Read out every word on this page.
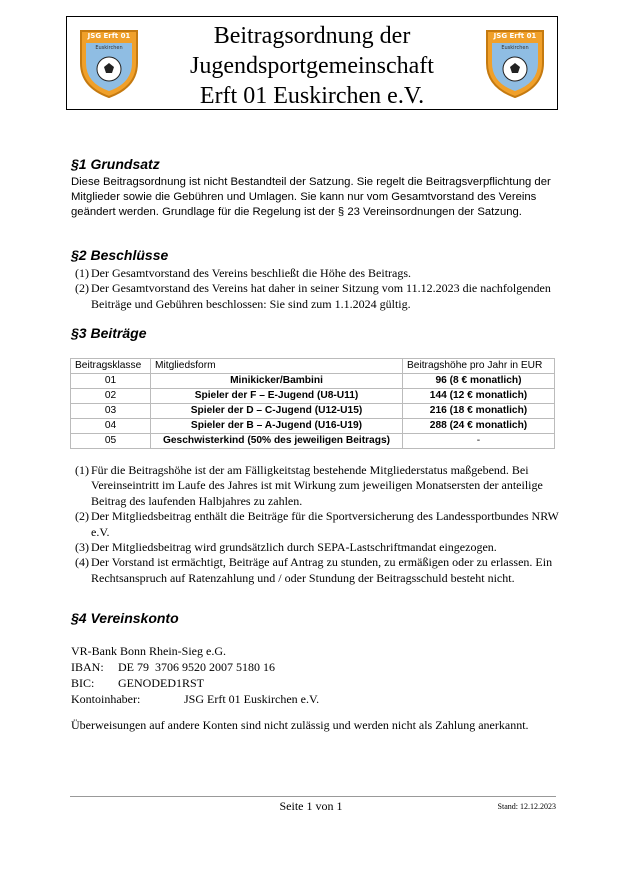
JSG Erft 01
Euskirchen	Beitragsordnung der
Jugendsportgemeinschaft
Erft 01 Euskirchen e.V.
JSG Erft 01
Euskirchen
§1 Grundsatz
Diese Beitragsordnung ist nicht Bestandteil der Satzung. Sie regelt die Beitragsverpflichtung der Mitglieder sowie die Gebühren und Umlagen. Sie kann nur vom Gesamtvorstand des Vereins geändert werden. Grundlage für die Regelung ist der § 23 Vereinsordnungen der Satzung.
§2 Beschlüsse
(1) Der Gesamtvorstand des Vereins beschließt die Höhe des Beitrags.
(2) Der Gesamtvorstand des Vereins hat daher in seiner Sitzung vom 11.12.2023 die nachfolgenden Beiträge und Gebühren beschlossen: Sie sind zum 1.1.2024 gültig.
§3 Beiträge
Beitragsklasse	Mitgliedsform	Beitragshöhe pro Jahr in EUR
01	Minikicker/Bambini	96 (8 € monatlich)
02	Spieler der F – E-Jugend (U8-U11)	144 (12 € monatlich)
03	Spieler der D – C-Jugend (U12-U15)	216 (18 € monatlich)
04	Spieler der B – A-Jugend (U16-U19)	288 (24 € monatlich)
05	Geschwisterkind (50% des jeweiligen Beitrags)	-
(1) Für die Beitragshöhe ist der am Fälligkeitstag bestehende Mitgliederstatus maßgebend. Bei Vereinseintritt im Laufe des Jahres ist mit Wirkung zum jeweiligen Monatsersten der anteilige Beitrag des laufenden Halbjahres zu zahlen.
(2) Der Mitgliedsbeitrag enthält die Beiträge für die Sportversicherung des Landessportbundes NRW e.V.
(3) Der Mitgliedsbeitrag wird grundsätzlich durch SEPA-Lastschriftmandat eingezogen.
(4) Der Vorstand ist ermächtigt, Beiträge auf Antrag zu stunden, zu ermäßigen oder zu erlassen. Ein Rechtsanspruch auf Ratenzahlung und / oder Stundung der Beitragsschuld besteht nicht.
§4 Vereinskonto
VR-Bank Bonn Rhein-Sieg e.G.
IBAN: DE 79  3706 9520 2007 5180 16
BIC: GENODED1RST
Kontoinhaber:	JSG Erft 01 Euskirchen e.V.
Überweisungen auf andere Konten sind nicht zulässig und werden nicht als Zahlung anerkannt.
Seite 1 von 1	Stand: 12.12.2023
